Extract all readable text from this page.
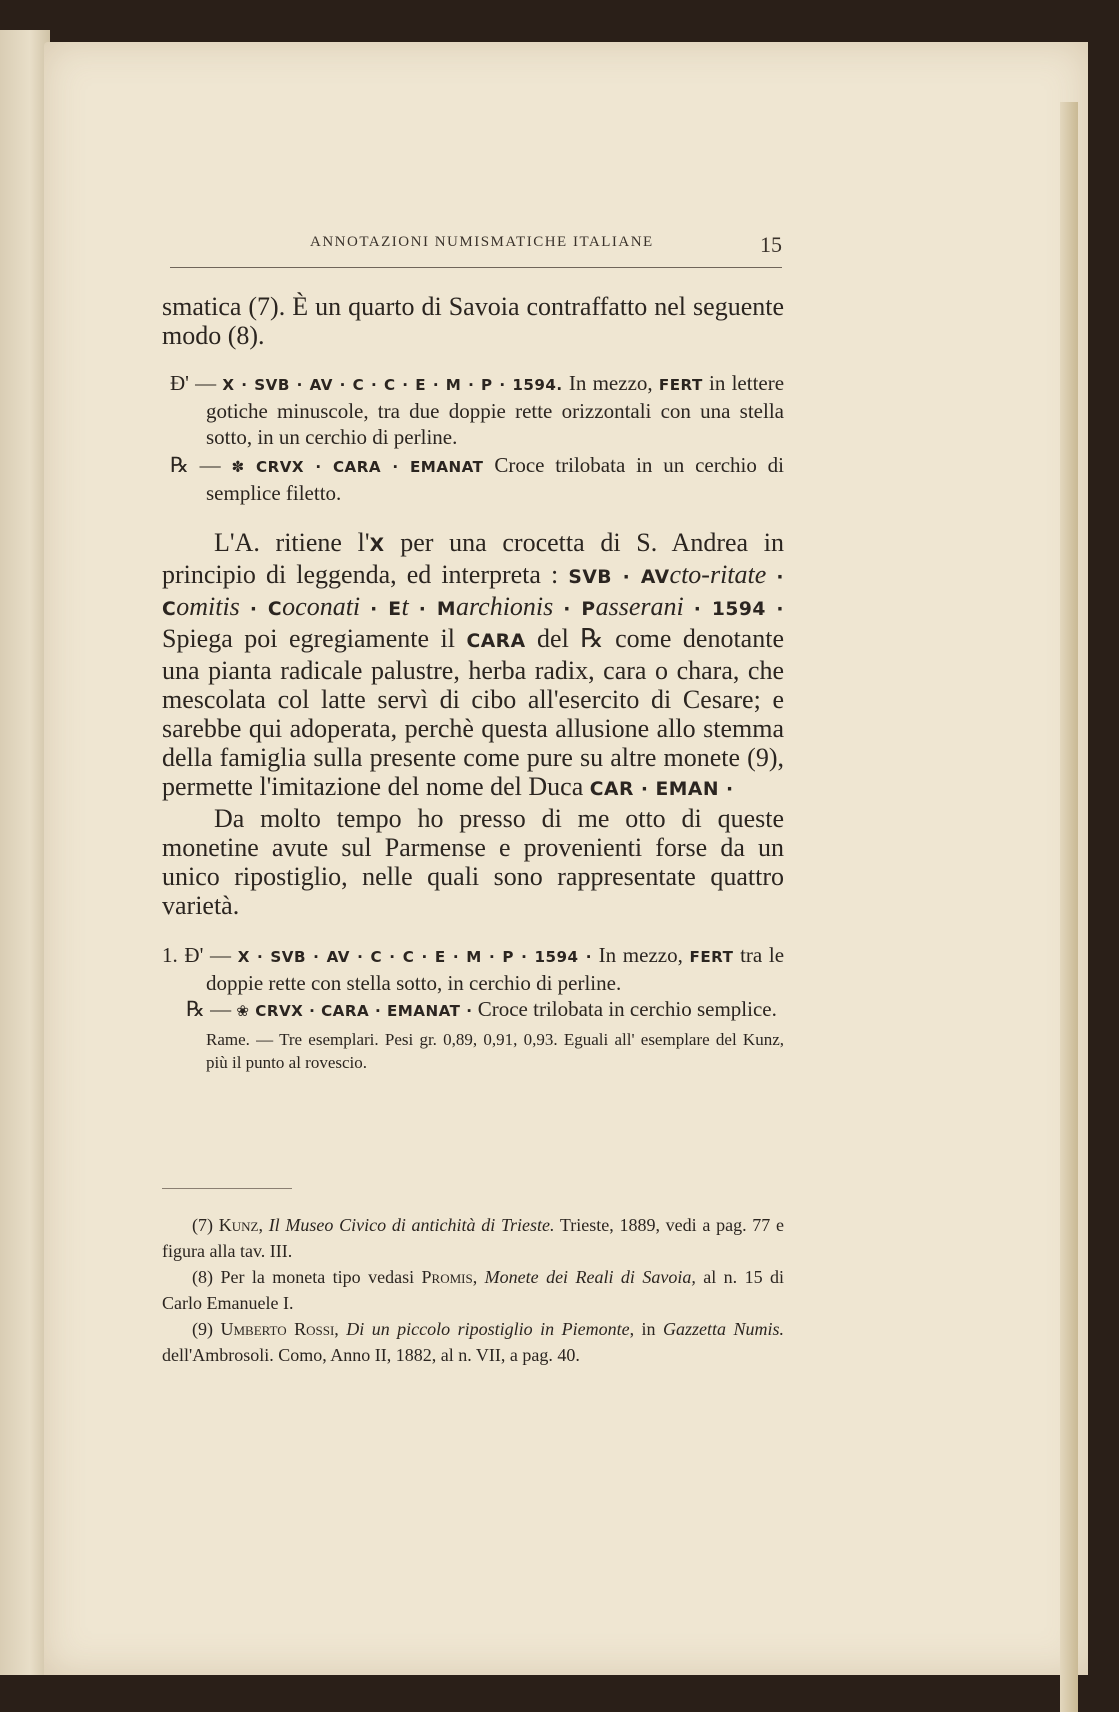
ANNOTAZIONI NUMISMATICHE ITALIANE	15

smatica (7). È un quarto di Savoia contraffatto nel seguente modo (8).

Ð' — X · SVB · AV · C · C · E · M · P · 1594. In mezzo, FERT in lettere gotiche minuscole, tra due doppie rette orizzontali con una stella sotto, in un cerchio di perline.

℞ — ✽ CRVX · CARA · EMANAT Croce trilobata in un cerchio di semplice filetto.

L'A. ritiene l'X per una crocetta di S. Andrea in principio di leggenda, ed interpreta : SVB · AVcto-ritate · Comitis · Coconati · Et · Marchionis · Passerani · 1594 · Spiega poi egregiamente il CARA del ℞ come denotante una pianta radicale palustre, herba radix, cara o chara, che mescolata col latte servì di cibo all'esercito di Cesare; e sarebbe qui adoperata, perchè questa allusione allo stemma della famiglia sulla presente come pure su altre monete (9), permette l'imitazione del nome del Duca CAR · EMAN ·

Da molto tempo ho presso di me otto di queste monetine avute sul Parmense e provenienti forse da un unico ripostiglio, nelle quali sono rappresentate quattro varietà.

1. Ð' — X · SVB · AV · C · C · E · M · P · 1594 · In mezzo, FERT tra le doppie rette con stella sotto, in cerchio di perline.

℞ — ❀ CRVX · CARA · EMANAT · Croce trilobata in cerchio semplice.

Rame. — Tre esemplari. Pesi gr. 0,89, 0,91, 0,93. Eguali all' esemplare del Kunz, più il punto al rovescio.

(7) Kunz, Il Museo Civico di antichità di Trieste. Trieste, 1889, vedi a pag. 77 e figura alla tav. III.

(8) Per la moneta tipo vedasi Promis, Monete dei Reali di Savoia, al n. 15 di Carlo Emanuele I.

(9) Umberto Rossi, Di un piccolo ripostiglio in Piemonte, in Gazzetta Numis. dell'Ambrosoli. Como, Anno II, 1882, al n. VII, a pag. 40.
